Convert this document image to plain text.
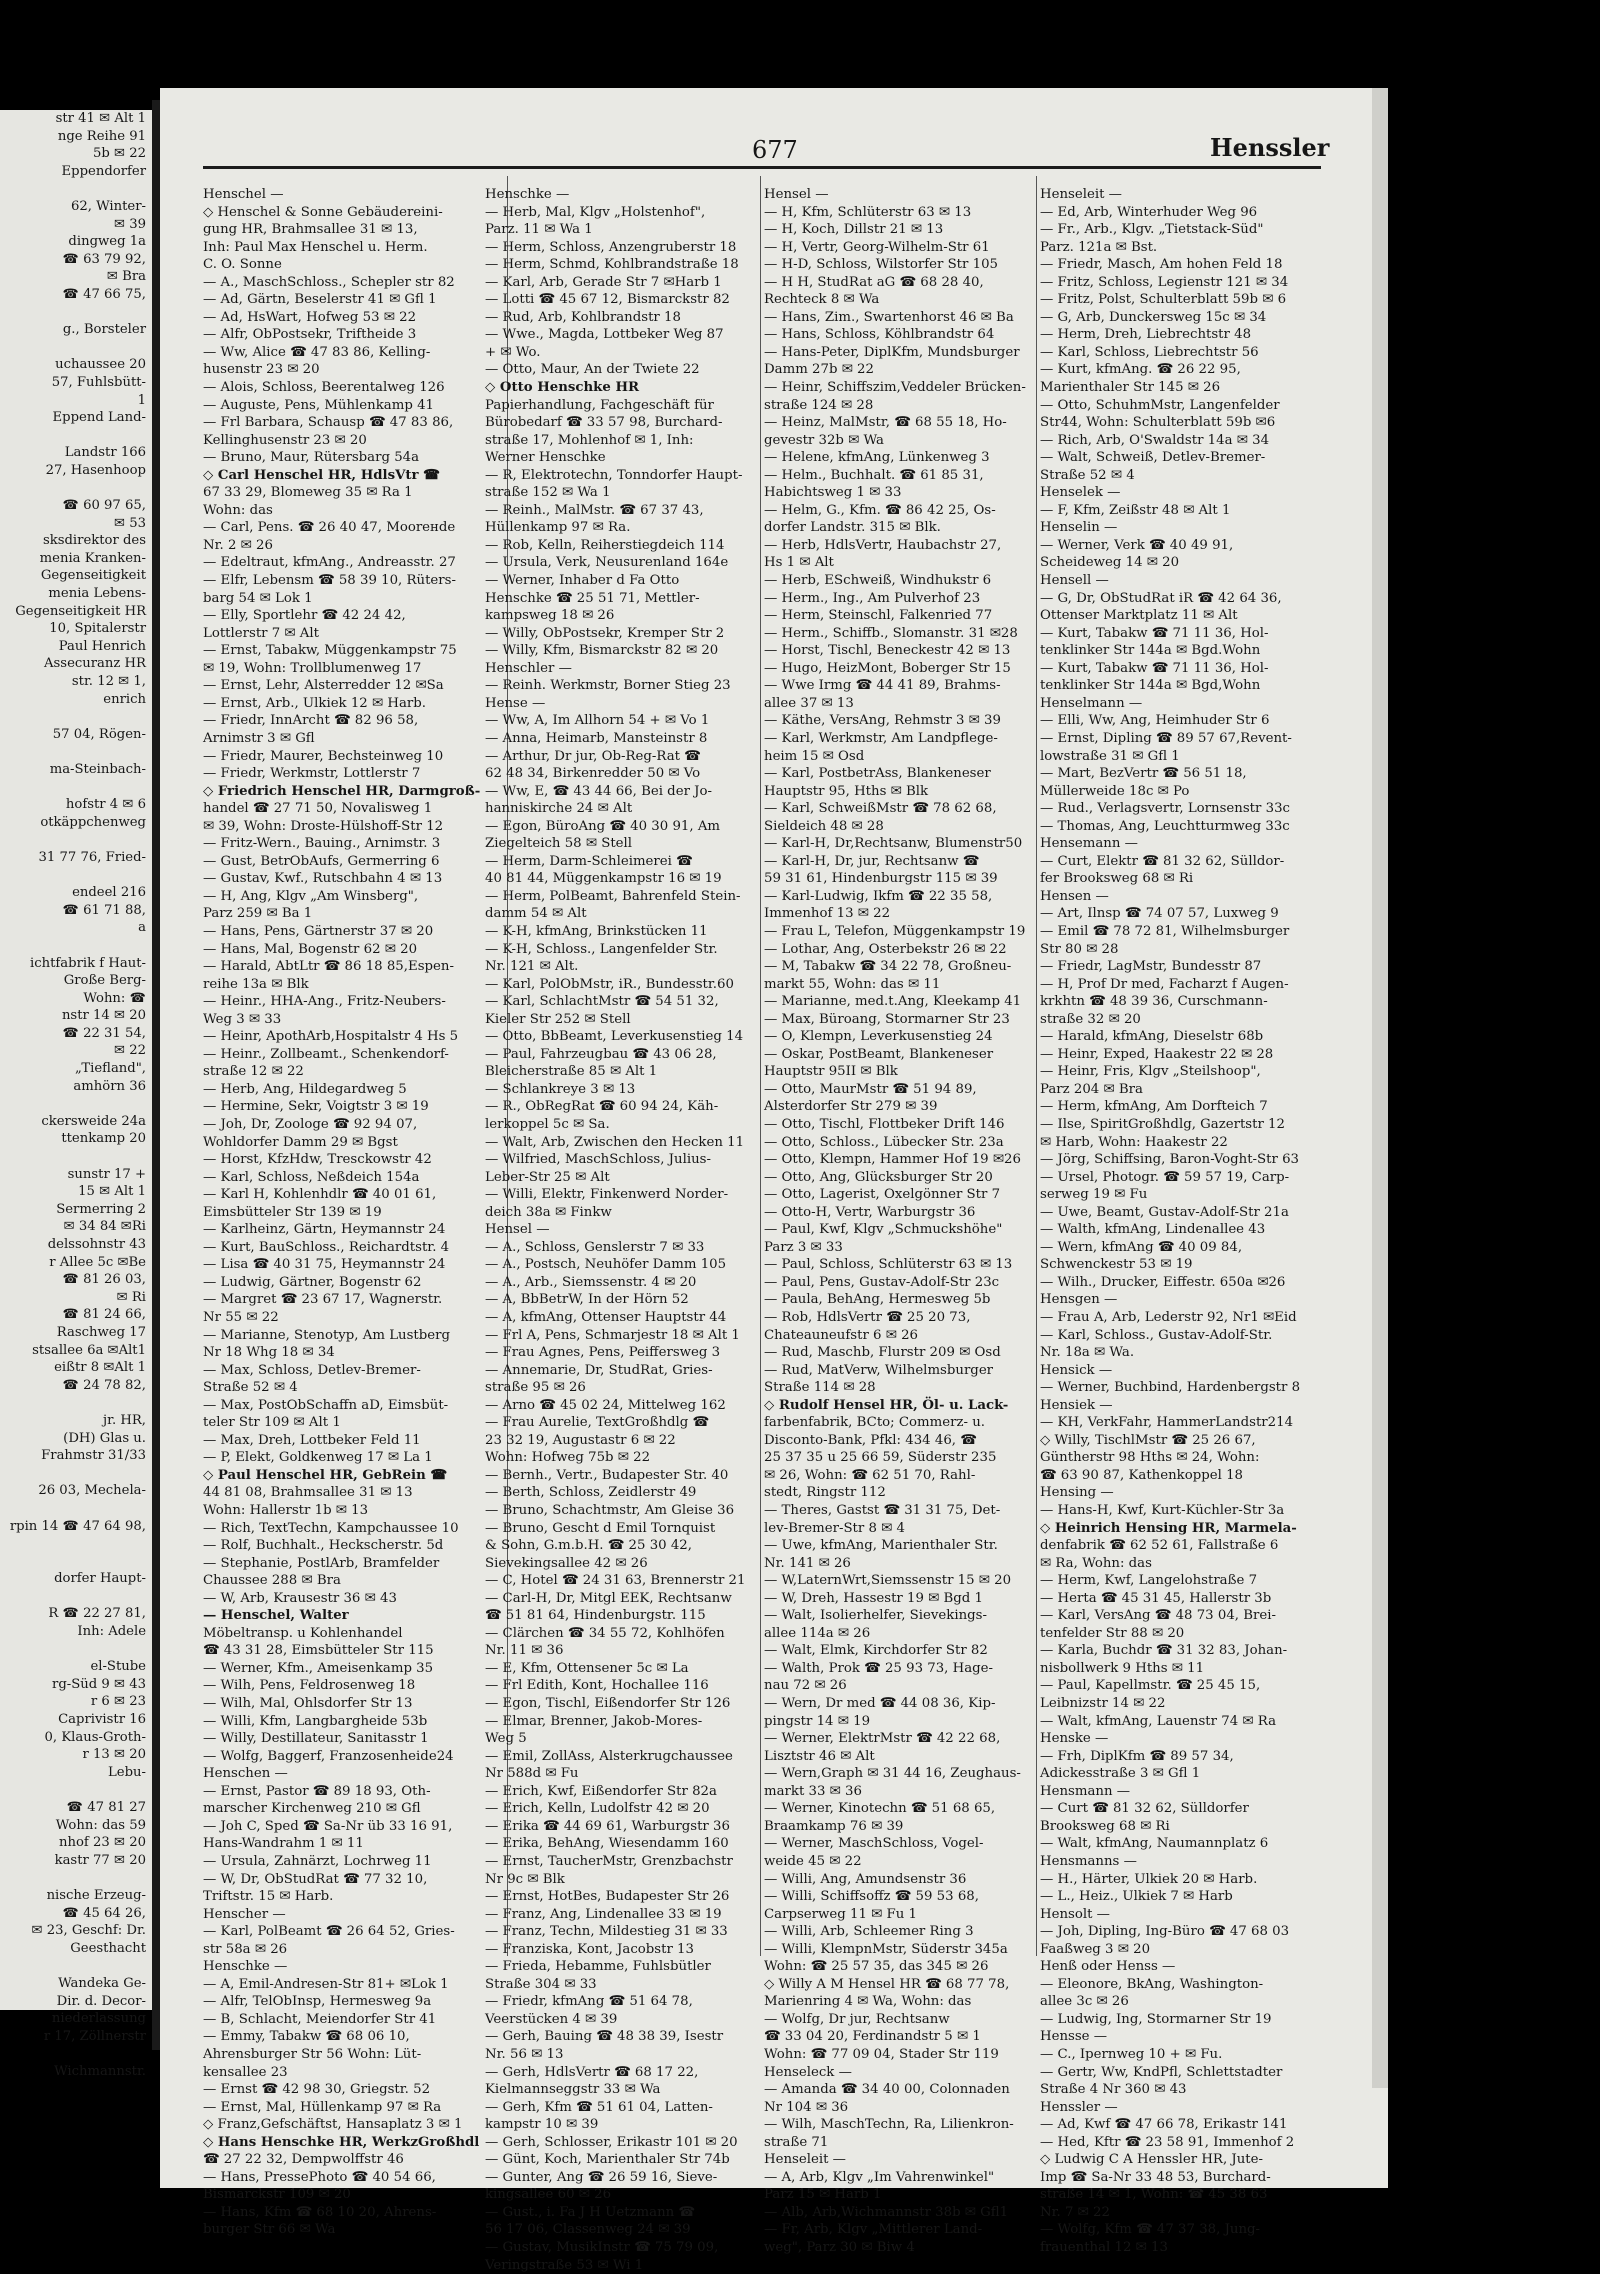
str 41 ✉ Alt 1
nge Reihe 91
5b ✉ 22
Eppendorfer

62, Winter-
✉ 39
dingweg 1a
☎ 63 79 92,
✉ Bra
☎ 47 66 75,

g., Borsteler

uchaussee 20
57, Fuhlsbütt-
1
Eppend Land-

Landstr 166
27, Hasenhoop

☎ 60 97 65,
✉ 53
sksdirektor des
menia Kranken-
Gegenseitigkeit
menia Lebens-
Gegenseitigkeit HR
10, Spitalerstr
Paul Henrich
Assecuranz HR
str. 12 ✉ 1,
enrich

57 04, Rögen-

ma-Steinbach-

hofstr 4 ✉ 6
otkäppchenweg

31 77 76, Fried-

endeel 216
☎ 61 71 88,
a

ichtfabrik f Haut-
Große Berg-
Wohn: ☎
nstr 14 ✉ 20
☎ 22 31 54,
✉ 22
„Tiefland",
amhörn 36

ckersweide 24a
ttenkamp 20

sunstr 17 +
15 ✉ Alt 1
Sermerring 2
✉ 34 84 ✉Ri
delssohnstr 43
r Allee 5c ✉Be
☎ 81 26 03,
✉ Ri
☎ 81 24 66,
Raschweg 17
stsallee 6a ✉Alt1
eißtr 8 ✉Alt 1
☎ 24 78 82,

jr. HR,
(DH) Glas u.
Frahmstr 31/33

26 03, Mechela-

rpin 14 ☎ 47 64 98,

dorfer Haupt-

R ☎ 22 27 81,
Inh: Adele

el-Stube
rg-Süd 9 ✉ 43
r 6 ✉ 23
Caprivistr 16
0, Klaus-Groth-
r 13 ✉ 20
Lebu-

☎ 47 81 27
Wohn: das 59
nhof 23 ✉ 20
kastr 77 ✉ 20

nische Erzeug-
☎ 45 64 26,
✉ 23, Geschf: Dr.
Geesthacht

Wandeka Ge-
Dir. d. Decor-
niederlassung
r 17, Zöllnerstr

Wichmannstr.
677	Henssler
Henschel —
◇ Henschel & Sonne Gebäudereini-
gung HR, Brahmsallee 31 ✉ 13,
Inh: Paul Max Henschel u. Herm.
C. O. Sonne
— A., MaschSchloss., Schepler str 82
— Ad, Gärtn, Beselerstr 41 ✉ Gfl 1
— Ad, HsWart, Hofweg 53 ✉ 22
— Alfr, ObPostsekr, Triftheide 3
— Ww, Alice ☎ 47 83 86, Kelling-
husenstr 23 ✉ 20
— Alois, Schloss, Beerentalweg 126
— Auguste, Pens, Mühlenkamp 41
— Frl Barbara, Schausp ☎ 47 83 86,
Kellinghusenstr 23 ✉ 20
— Bruno, Maur, Rütersbarg 54a
◇ Carl Henschel HR, HdlsVtr ☎
67 33 29, Blomeweg 35 ✉ Ra 1
Wohn: das
— Carl, Pens. ☎ 26 40 47, Mooreнde
Nr. 2 ✉ 26
— Edeltraut, kfmAng., Andreasstr. 27
— Elfr, Lebensm ☎ 58 39 10, Rüters-
barg 54 ✉ Lok 1
— Elly, Sportlehr ☎ 42 24 42,
Lottlerstr 7 ✉ Alt
— Ernst, Tabakw, Müggenkampstr 75
✉ 19, Wohn: Trollblumenweg 17
— Ernst, Lehr, Alsterredder 12 ✉Sa
— Ernst, Arb., Ulkiek 12 ✉ Harb.
— Friedr, InnArcht ☎ 82 96 58,
Arnimstr 3 ✉ Gfl
— Friedr, Maurer, Bechsteinweg 10
— Friedr, Werkmstr, Lottlerstr 7
◇ Friedrich Henschel HR, Darmgroß-
handel ☎ 27 71 50, Novalisweg 1
✉ 39, Wohn: Droste-Hülshoff-Str 12
— Fritz-Wern., Bauing., Arnimstr. 3
— Gust, BetrObAufs, Germerring 6
— Gustav, Kwf., Rutschbahn 4 ✉ 13
— H, Ang, Klgv „Am Winsberg",
Parz 259 ✉ Ba 1
— Hans, Pens, Gärtnerstr 37 ✉ 20
— Hans, Mal, Bogenstr 62 ✉ 20
— Harald, AbtLtr ☎ 86 18 85,Espen-
reihe 13a ✉ Blk
— Heinr., HHA-Ang., Fritz-Neubers-
Weg 3 ✉ 33
— Heinr, ApothArb,Hospitalstr 4 Hs 5
— Heinr., Zollbeamt., Schenkendorf-
straße 12 ✉ 22
— Herb, Ang, Hildegardweg 5
— Hermine, Sekr, Voigtstr 3 ✉ 19
— Joh, Dr, Zoologe ☎ 92 94 07,
Wohldorfer Damm 29 ✉ Bgst
— Horst, KfzHdw, Tresckowstr 42
— Karl, Schloss, Neßdeich 154a
— Karl H, Kohlenhdlr ☎ 40 01 61,
Eimsbütteler Str 139 ✉ 19
— Karlheinz, Gärtn, Heymannstr 24
— Kurt, BauSchloss., Reichardtstr. 4
— Lisa ☎ 40 31 75, Heymannstr 24
— Ludwig, Gärtner, Bogenstr 62
— Margret ☎ 23 67 17, Wagnerstr.
Nr 55 ✉ 22
— Marianne, Stenotyp, Am Lustberg
Nr 18 Whg 18 ✉ 34
— Max, Schloss, Detlev-Bremer-
Straße 52 ✉ 4
— Max, PostObSchaffn aD, Eimsbüt-
teler Str 109 ✉ Alt 1
— Max, Dreh, Lottbeker Feld 11
— P, Elekt, Goldkenweg 17 ✉ La 1
◇ Paul Henschel HR, GebRein ☎
44 81 08, Brahmsallee 31 ✉ 13
Wohn: Hallerstr 1b ✉ 13
— Rich, TextTechn, Kampchaussee 10
— Rolf, Buchhalt., Heckscherstr. 5d
— Stephanie, PostlArb, Bramfelder
Chaussee 288 ✉ Bra
— W, Arb, Krausestr 36 ✉ 43
— Henschel, Walter
Möbeltransp. u Kohlenhandel
☎ 43 31 28, Eimsbütteler Str 115
— Werner, Kfm., Ameisenkamp 35
— Wilh, Pens, Feldrosenweg 18
— Wilh, Mal, Ohlsdorfer Str 13
— Willi, Kfm, Langbargheide 53b
— Willy, Destillateur, Sanitasstr 1
— Wolfg, Baggerf, Franzosenheide24
Henschen —
— Ernst, Pastor ☎ 89 18 93, Oth-
marscher Kirchenweg 210 ✉ Gfl
— Joh C, Sped ☎ Sa-Nr üb 33 16 91,
Hans-Wandrahm 1 ✉ 11
— Ursula, Zahnärzt, Lochrweg 11
— W, Dr, ObStudRat ☎ 77 32 10,
Triftstr. 15 ✉ Harb.
Henscher —
— Karl, PolBeamt ☎ 26 64 52, Gries-
str 58a ✉ 26
Henschke —
— A, Emil-Andresen-Str 81+ ✉Lok 1
— Alfr, TelObInsp, Hermesweg 9a
— B, Schlacht, Meiendorfer Str 41
— Emmy, Tabakw ☎ 68 06 10,
Ahrensburger Str 56 Wohn: Lüt-
kensallee 23
— Ernst ☎ 42 98 30, Griegstr. 52
— Ernst, Mal, Hüllenkamp 97 ✉ Ra
◇ Franz,Gefschäftst, Hansaplatz 3 ✉ 1
◇ Hans Henschke HR, WerkzGroßhdl
☎ 27 22 32, Dempwolffstr 46
— Hans, PressePhoto ☎ 40 54 66,
Bismarckstr 109 ✉ 20
— Hans, Kfm ☎ 68 10 20, Ahrens-
burger Str 66 ✉ Wa
Henschke —
— Herb, Mal, Klgv „Holstenhof",
Parz. 11 ✉ Wa 1
— Herm, Schloss, Anzengruberstr 18
— Herm, Schmd, Kohlbrandstraße 18
— Karl, Arb, Gerade Str 7 ✉Harb 1
— Lotti ☎ 45 67 12, Bismarckstr 82
— Rud, Arb, Kohlbrandstr 18
— Wwe., Magda, Lottbeker Weg 87
+ ✉ Wo.
— Otto, Maur, An der Twiete 22
◇ Otto Henschke HR
Papierhandlung, Fachgeschäft für
Bürobedarf ☎ 33 57 98, Burchard-
straße 17, Mohlenhof ✉ 1, Inh:
Werner Henschke
— R, Elektrotechn, Tonndorfer Haupt-
straße 152 ✉ Wa 1
— Reinh., MalMstr. ☎ 67 37 43,
Hüllenkamp 97 ✉ Ra.
— Rob, Kelln, Reiherstiegdeich 114
— Ursula, Verk, Neusurenland 164e
— Werner, Inhaber d Fa Otto
Henschke ☎ 25 51 71, Mettler-
kampsweg 18 ✉ 26
— Willy, ObPostsekr, Kremper Str 2
— Willy, Kfm, Bismarckstr 82 ✉ 20
Henschler —
— Reinh. Werkmstr, Borner Stieg 23
Hense —
— Ww, A, Im Allhorn 54 + ✉ Vo 1
— Anna, Heimarb, Mansteinstr 8
— Arthur, Dr jur, Ob-Reg-Rat ☎
62 48 34, Birkenredder 50 ✉ Vo
— Ww, E, ☎ 43 44 66, Bei der Jo-
hanniskirche 24 ✉ Alt
— Egon, BüroAng ☎ 40 30 91, Am
Ziegelteich 58 ✉ Stell
— Herm, Darm-Schleimerei ☎
40 81 44, Müggenkampstr 16 ✉ 19
— Herm, PolBeamt, Bahrenfeld Stein-
damm 54 ✉ Alt
— K-H, kfmAng, Brinkstücken 11
— K-H, Schloss., Langenfelder Str.
Nr. 121 ✉ Alt.
— Karl, PolObMstr, iR., Bundesstr.60
— Karl, SchlachtMstr ☎ 54 51 32,
Kieler Str 252 ✉ Stell
— Otto, BbBeamt, Leverkusenstieg 14
— Paul, Fahrzeugbau ☎ 43 06 28,
Bleicherstraße 85 ✉ Alt 1
— Schlankreye 3 ✉ 13
— R., ObRegRat ☎ 60 94 24, Käh-
lerkoppel 5c ✉ Sa.
— Walt, Arb, Zwischen den Hecken 11
— Wilfried, MaschSchloss, Julius-
Leber-Str 25 ✉ Alt
— Willi, Elektr, Finkenwerd Norder-
deich 38a ✉ Finkw
Hensel —
— A., Schloss, Genslerstr 7 ✉ 33
— A., Postsch, Neuhöfer Damm 105
— A., Arb., Siemssenstr. 4 ✉ 20
— A, BbBetrW, In der Hörn 52
— A, kfmAng, Ottenser Hauptstr 44
— Frl A, Pens, Schmarjestr 18 ✉ Alt 1
— Frau Agnes, Pens, Peiffersweg 3
— Annemarie, Dr, StudRat, Gries-
straße 95 ✉ 26
— Arno ☎ 45 02 24, Mittelweg 162
— Frau Aurelie, TextGroßhdlg ☎
23 32 19, Augustastr 6 ✉ 22
Wohn: Hofweg 75b ✉ 22
— Bernh., Vertr., Budapester Str. 40
— Berth, Schloss, Zeidlerstr 49
— Bruno, Schachtmstr, Am Gleise 36
— Bruno, Gescht d Emil Tornquist
& Sohn, G.m.b.H. ☎ 25 30 42,
Sievekingsallee 42 ✉ 26
— C, Hotel ☎ 24 31 63, Brennerstr 21
— Carl-H, Dr, Mitgl EEK, Rechtsanw
☎ 51 81 64, Hindenburgstr. 115
— Clärchen ☎ 34 55 72, Kohlhöfen
Nr. 11 ✉ 36
— E, Kfm, Ottensener 5c ✉ La
— Frl Edith, Kont, Hochallee 116
— Egon, Tischl, Eißendorfer Str 126
— Elmar, Brenner, Jakob-Mores-
Weg 5
— Emil, ZollAss, Alsterkrugchaussee
Nr 588d ✉ Fu
— Erich, Kwf, Eißendorfer Str 82a
— Erich, Kelln, Ludolfstr 42 ✉ 20
— Erika ☎ 44 69 61, Warburgstr 36
— Erika, BehAng, Wiesendamm 160
— Ernst, TaucherMstr, Grenzbachstr
Nr 9c ✉ Blk
— Ernst, HotBes, Budapester Str 26
— Franz, Ang, Lindenallee 33 ✉ 19
— Franz, Techn, Mildestieg 31 ✉ 33
— Franziska, Kont, Jacobstr 13
— Frieda, Hebamme, Fuhlsbütler
Straße 304 ✉ 33
— Friedr, kfmAng ☎ 51 64 78,
Veerstücken 4 ✉ 39
— Gerh, Bauing ☎ 48 38 39, Isestr
Nr. 56 ✉ 13
— Gerh, HdlsVertr ☎ 68 17 22,
Kielmannseggstr 33 ✉ Wa
— Gerh, Kfm ☎ 51 61 04, Latten-
kampstr 10 ✉ 39
— Gerh, Schlosser, Erikastr 101 ✉ 20
— Günt, Koch, Marienthaler Str 74b
— Gunter, Ang ☎ 26 59 16, Sieve-
kingsallee 60 ✉ 26
— Gust., i. Fa J H Uetzmann ☎
56 17 06, Classenweg 24 ✉ 39
— Gustav, MusikInstr ☎ 75 79 09,
Veringstraße 53 ✉ Wi 1
Hensel —
— H, Kfm, Schlüterstr 63 ✉ 13
— H, Koch, Dillstr 21 ✉ 13
— H, Vertr, Georg-Wilhelm-Str 61
— H-D, Schloss, Wilstorfer Str 105
— H H, StudRat aG ☎ 68 28 40,
Rechteck 8 ✉ Wa
— Hans, Zim., Swartenhorst 46 ✉ Ba
— Hans, Schloss, Köhlbrandstr 64
— Hans-Peter, DiplKfm, Mundsburger
Damm 27b ✉ 22
— Heinr, Schiffszim,Veddeler Brücken-
straße 124 ✉ 28
— Heinz, MalMstr, ☎ 68 55 18, Ho-
gevestr 32b ✉ Wa
— Helene, kfmAng, Lünkenweg 3
— Helm., Buchhalt. ☎ 61 85 31,
Habichtsweg 1 ✉ 33
— Helm, G., Kfm. ☎ 86 42 25, Os-
dorfer Landstr. 315 ✉ Blk.
— Herb, HdlsVertr, Haubachstr 27,
Hs 1 ✉ Alt
— Herb, ESchweiß, Windhukstr 6
— Herm., Ing., Am Pulverhof 23
— Herm, Steinschl, Falkenried 77
— Herm., Schiffb., Slomanstr. 31 ✉28
— Horst, Tischl, Beneckestr 42 ✉ 13
— Hugo, HeizMont, Boberger Str 15
— Wwe Irmg ☎ 44 41 89, Brahms-
allee 37 ✉ 13
— Käthe, VersAng, Rehmstr 3 ✉ 39
— Karl, Werkmstr, Am Landpflege-
heim 15 ✉ Osd
— Karl, PostbetrAss, Blankeneser
Hauptstr 95, Hths ✉ Blk
— Karl, SchweißMstr ☎ 78 62 68,
Sieldeich 48 ✉ 28
— Karl-H, Dr,Rechtsanw, Blumenstr50
— Karl-H, Dr, jur, Rechtsanw ☎
59 31 61, Hindenburgstr 115 ✉ 39
— Karl-Ludwig, Ikfm ☎ 22 35 58,
Immenhof 13 ✉ 22
— Frau L, Telefon, Müggenkampstr 19
— Lothar, Ang, Osterbekstr 26 ✉ 22
— M, Tabakw ☎ 34 22 78, Großneu-
markt 55, Wohn: das ✉ 11
— Marianne, med.t.Ang, Kleekamp 41
— Max, Büroang, Stormarner Str 23
— O, Klempn, Leverkusenstieg 24
— Oskar, PostBeamt, Blankeneser
Hauptstr 95II ✉ Blk
— Otto, MaurMstr ☎ 51 94 89,
Alsterdorfer Str 279 ✉ 39
— Otto, Tischl, Flottbeker Drift 146
— Otto, Schloss., Lübecker Str. 23a
— Otto, Klempn, Hammer Hof 19 ✉26
— Otto, Ang, Glücksburger Str 20
— Otto, Lagerist, Oxelgönner Str 7
— Otto-H, Vertr, Warburgstr 36
— Paul, Kwf, Klgv „Schmuckshöhe"
Parz 3 ✉ 33
— Paul, Schloss, Schlüterstr 63 ✉ 13
— Paul, Pens, Gustav-Adolf-Str 23c
— Paula, BehAng, Hermesweg 5b
— Rob, HdlsVertr ☎ 25 20 73,
Chateauneufstr 6 ✉ 26
— Rud, Maschb, Flurstr 209 ✉ Osd
— Rud, MatVerw, Wilhelmsburger
Straße 114 ✉ 28
◇ Rudolf Hensel HR, Öl- u. Lack-
farbenfabrik, BCto; Commerz- u.
Disconto-Bank, Pfkl: 434 46, ☎
25 37 35 u 25 66 59, Süderstr 235
✉ 26, Wohn: ☎ 62 51 70, Rahl-
stedt, Ringstr 112
— Theres, Gastst ☎ 31 31 75, Det-
lev-Bremer-Str 8 ✉ 4
— Uwe, kfmAng, Marienthaler Str.
Nr. 141 ✉ 26
— W,LaternWrt,Siemssenstr 15 ✉ 20
— W, Dreh, Hassestr 19 ✉ Bgd 1
— Walt, Isolierhelfer, Sievekings-
allee 114a ✉ 26
— Walt, Elmk, Kirchdorfer Str 82
— Walth, Prok ☎ 25 93 73, Hage-
nau 72 ✉ 26
— Wern, Dr med ☎ 44 08 36, Kip-
pingstr 14 ✉ 19
— Werner, ElektrMstr ☎ 42 22 68,
Lisztstr 46 ✉ Alt
— Wern,Graph ✉ 31 44 16, Zeughaus-
markt 33 ✉ 36
— Werner, Kinotechn ☎ 51 68 65,
Braamkamp 76 ✉ 39
— Werner, MaschSchloss, Vogel-
weide 45 ✉ 22
— Willi, Ang, Amundsenstr 36
— Willi, Schiffsoffz ☎ 59 53 68,
Carpserweg 11 ✉ Fu 1
— Willi, Arb, Schleemer Ring 3
— Willi, KlempnMstr, Süderstr 345a
Wohn: ☎ 25 57 35, das 345 ✉ 26
◇ Willy A M Hensel HR ☎ 68 77 78,
Marienring 4 ✉ Wa, Wohn: das
— Wolfg, Dr jur, Rechtsanw
☎ 33 04 20, Ferdinandstr 5 ✉ 1
Wohn: ☎ 77 09 04, Stader Str 119
Henseleck —
— Amanda ☎ 34 40 00, Colonnaden
Nr 104 ✉ 36
— Wilh, MaschTechn, Ra, Lilienkron-
straße 71
Henseleit —
— A, Arb, Klgv „Im Vahrenwinkel"
Parz 15 ✉ Harb 1
— Alb, Arb,Wichmannstr 38b ✉ Gfl1
— Fr, Arb, Klgv „Mittlerer Land-
weg", Parz 30 ✉ Biw 4
Henseleit —
— Ed, Arb, Winterhuder Weg 96
— Fr., Arb., Klgv. „Tietstack-Süd"
Parz. 121a ✉ Bst.
— Friedr, Masch, Am hohen Feld 18
— Fritz, Schloss, Legienstr 121 ✉ 34
— Fritz, Polst, Schulterblatt 59b ✉ 6
— G, Arb, Dunckersweg 15c ✉ 34
— Herm, Dreh, Liebrechtstr 48
— Karl, Schloss, Liebrechtstr 56
— Kurt, kfmAng. ☎ 26 22 95,
Marienthaler Str 145 ✉ 26
— Otto, SchuhmMstr, Langenfelder
Str44, Wohn: Schulterblatt 59b ✉6
— Rich, Arb, O'Swaldstr 14a ✉ 34
— Walt, Schweiß, Detlev-Bremer-
Straße 52 ✉ 4
Henselek —
— F, Kfm, Zeißstr 48 ✉ Alt 1
Henselin —
— Werner, Verk ☎ 40 49 91,
Scheideweg 14 ✉ 20
Hensell —
— G, Dr, ObStudRat iR ☎ 42 64 36,
Ottenser Marktplatz 11 ✉ Alt
— Kurt, Tabakw ☎ 71 11 36, Hol-
tenklinker Str 144a ✉ Bgd.Wohn
— Kurt, Tabakw ☎ 71 11 36, Hol-
tenklinker Str 144a ✉ Bgd,Wohn
Henselmann —
— Elli, Ww, Ang, Heimhuder Str 6
— Ernst, Dipling ☎ 89 57 67,Revent-
lowstraße 31 ✉ Gfl 1
— Mart, BezVertr ☎ 56 51 18,
Müllerweide 18c ✉ Po
— Rud., Verlagsvertr, Lornsenstr 33c
— Thomas, Ang, Leuchtturmweg 33c
Hensemann —
— Curt, Elektr ☎ 81 32 62, Sülldor-
fer Brooksweg 68 ✉ Ri
Hensen —
— Art, Ilnsp ☎ 74 07 57, Luxweg 9
— Emil ☎ 78 72 81, Wilhelmsburger
Str 80 ✉ 28
— Friedr, LagMstr, Bundesstr 87
— H, Prof Dr med, Facharzt f Augen-
krkhtn ☎ 48 39 36, Curschmann-
straße 32 ✉ 20
— Harald, kfmAng, Dieselstr 68b
— Heinr, Exped, Haakestr 22 ✉ 28
— Heinr, Fris, Klgv „Steilshoop",
Parz 204 ✉ Bra
— Herm, kfmAng, Am Dorfteich 7
— Ilse, SpiritGroßhdlg, Gazertstr 12
✉ Harb, Wohn: Haakestr 22
— Jörg, Schiffsing, Baron-Voght-Str 63
— Ursel, Photogr. ☎ 59 57 19, Carp-
serweg 19 ✉ Fu
— Uwe, Beamt, Gustav-Adolf-Str 21a
— Walth, kfmAng, Lindenallee 43
— Wern, kfmAng ☎ 40 09 84,
Schwenckestr 53 ✉ 19
— Wilh., Drucker, Eiffestr. 650a ✉26
Hensgen —
— Frau A, Arb, Lederstr 92, Nr1 ✉Eid
— Karl, Schloss., Gustav-Adolf-Str.
Nr. 18a ✉ Wa.
Hensick —
— Werner, Buchbind, Hardenbergstr 8
Hensiek —
— KH, VerkFahr, HammerLandstr214
◇ Willy, TischlMstr ☎ 25 26 67,
Güntherstr 98 Hths ✉ 24, Wohn:
☎ 63 90 87, Kathenkoppel 18
Hensing —
— Hans-H, Kwf, Kurt-Küchler-Str 3a
◇ Heinrich Hensing HR, Marmela-
denfabrik ☎ 62 52 61, Fallstraße 6
✉ Ra, Wohn: das
— Herm, Kwf, Langelohstraße 7
— Herta ☎ 45 31 45, Hallerstr 3b
— Karl, VersAng ☎ 48 73 04, Brei-
tenfelder Str 88 ✉ 20
— Karla, Buchdr ☎ 31 32 83, Johan-
nisbollwerk 9 Hths ✉ 11
— Paul, Kapellmstr. ☎ 25 45 15,
Leibnizstr 14 ✉ 22
— Walt, kfmAng, Lauenstr 74 ✉ Ra
Henske —
— Frh, DiplKfm ☎ 89 57 34,
Adickesstraße 3 ✉ Gfl 1
Hensmann —
— Curt ☎ 81 32 62, Sülldorfer
Brooksweg 68 ✉ Ri
— Walt, kfmAng, Naumannplatz 6
Hensmanns —
— H., Härter, Ulkiek 20 ✉ Harb.
— L., Heiz., Ulkiek 7 ✉ Harb
Hensolt —
— Joh, Dipling, Ing-Büro ☎ 47 68 03
Faaßweg 3 ✉ 20
Henß oder Henss —
— Eleonore, BkAng, Washington-
allee 3c ✉ 26
— Ludwig, Ing, Stormarner Str 19
Hensse —
— C., Ipernweg 10 + ✉ Fu.
— Gertr, Ww, KndPfl, Schlettstadter
Straße 4 Nr 360 ✉ 43
Henssler —
— Ad, Kwf ☎ 47 66 78, Erikastr 141
— Hed, Kftr ☎ 23 58 91, Immenhof 2
◇ Ludwig C A Henssler HR, Jute-
Imp ☎ Sa-Nr 33 48 53, Burchard-
straße 14 ✉ 1, Wohn: ☎ 45 38 63
Nr. 7 ✉ 22
— Wolfg, Kfm ☎ 47 37 38, Jung-
frauenthal 12 ✉ 13
